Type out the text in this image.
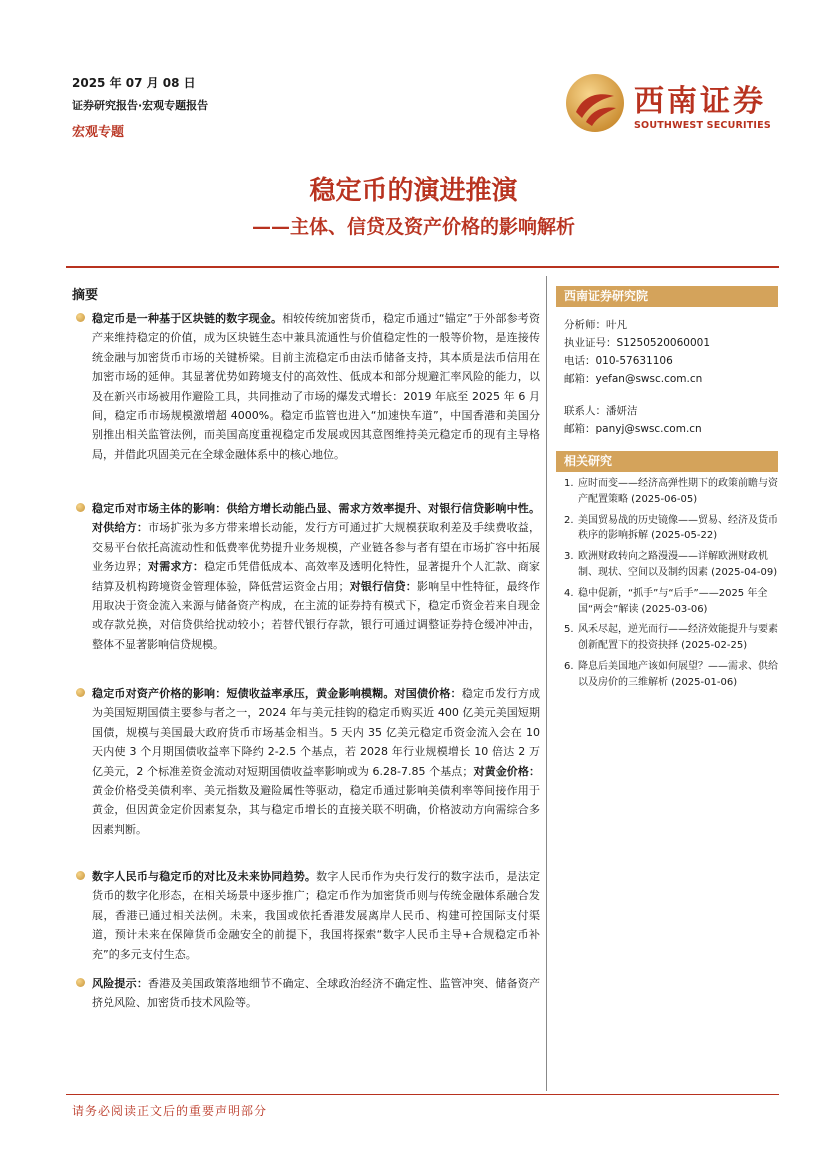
2025 年 07 月 08 日
证券研究报告·宏观专题报告
宏观专题
西南证券
SOUTHWEST SECURITIES
稳定币的演进推演
——主体、信贷及资产价格的影响解析
摘要
稳定币是一种基于区块链的数字现金。相较传统加密货币，稳定币通过“锚定”于外部参考资产来维持稳定的价值，成为区块链生态中兼具流通性与价值稳定性的一般等价物，是连接传统金融与加密货币市场的关键桥梁。目前主流稳定币由法币储备支持，其本质是法币信用在加密市场的延伸。其显著优势如跨境支付的高效性、低成本和部分规避汇率风险的能力，以及在新兴市场被用作避险工具，共同推动了市场的爆发式增长：2019 年底至 2025 年 6 月间，稳定币市场规模激增超 4000%。稳定币监管也进入“加速快车道”，中国香港和美国分别推出相关监管法例，而美国高度重视稳定币发展或因其意图维持美元稳定币的现有主导格局，并借此巩固美元在全球金融体系中的核心地位。
稳定币对市场主体的影响：供给方增长动能凸显、需求方效率提升、对银行信贷影响中性。对供给方：市场扩张为多方带来增长动能，发行方可通过扩大规模获取利差及手续费收益，交易平台依托高流动性和低费率优势提升业务规模，产业链各参与者有望在市场扩容中拓展业务边界；对需求方：稳定币凭借低成本、高效率及透明化特性，显著提升个人汇款、商家结算及机构跨境资金管理体验，降低营运资金占用；对银行信贷：影响呈中性特征，最终作用取决于资金流入来源与储备资产构成，在主流的证券持有模式下，稳定币资金若来自现金或存款兑换，对信贷供给扰动较小；若替代银行存款，银行可通过调整证券持仓缓冲冲击，整体不显著影响信贷规模。
稳定币对资产价格的影响：短债收益率承压，黄金影响模糊。对国债价格：稳定币发行方成为美国短期国债主要参与者之一，2024 年与美元挂钩的稳定币购买近 400 亿美元美国短期国债，规模与美国最大政府货币市场基金相当。5 天内 35 亿美元稳定币资金流入会在 10 天内使 3 个月期国债收益率下降约 2-2.5 个基点，若 2028 年行业规模增长 10 倍达 2 万亿美元，2 个标准差资金流动对短期国债收益率影响或为 6.28-7.85 个基点；对黄金价格：黄金价格受美债利率、美元指数及避险属性等驱动，稳定币通过影响美债利率等间接作用于黄金，但因黄金定价因素复杂，其与稳定币增长的直接关联不明确，价格波动方向需综合多因素判断。
数字人民币与稳定币的对比及未来协同趋势。数字人民币作为央行发行的数字法币，是法定货币的数字化形态，在相关场景中逐步推广；稳定币作为加密货币则与传统金融体系融合发展，香港已通过相关法例。未来，我国或依托香港发展离岸人民币、构建可控国际支付渠道，预计未来在保障货币金融安全的前提下，我国将探索“数字人民币主导+合规稳定币补充”的多元支付生态。
风险提示：香港及美国政策落地细节不确定、全球政治经济不确定性、监管冲突、储备资产挤兑风险、加密货币技术风险等。
西南证券研究院
分析师：叶凡
执业证号：S1250520060001
电话：010-57631106
邮箱：yefan@swsc.com.cn
联系人：潘妍洁
邮箱：panyj@swsc.com.cn
相关研究
1. 应时而变——经济高弹性期下的政策前瞻与资产配置策略 (2025-06-05)
2. 美国贸易战的历史镜像——贸易、经济及货币秩序的影响拆解 (2025-05-22)
3. 欧洲财政转向之路漫漫——详解欧洲财政机制、现状、空间以及制约因素 (2025-04-09)
4. 稳中促新，“抓手”与“后手”——2025 年全国“两会”解读 (2025-03-06)
5. 风禾尽起，逆光而行——经济效能提升与要素创新配置下的投资抉择 (2025-02-25)
6. 降息后美国地产该如何展望？——需求、供给以及房价的三维解析 (2025-01-06)
请务必阅读正文后的重要声明部分
